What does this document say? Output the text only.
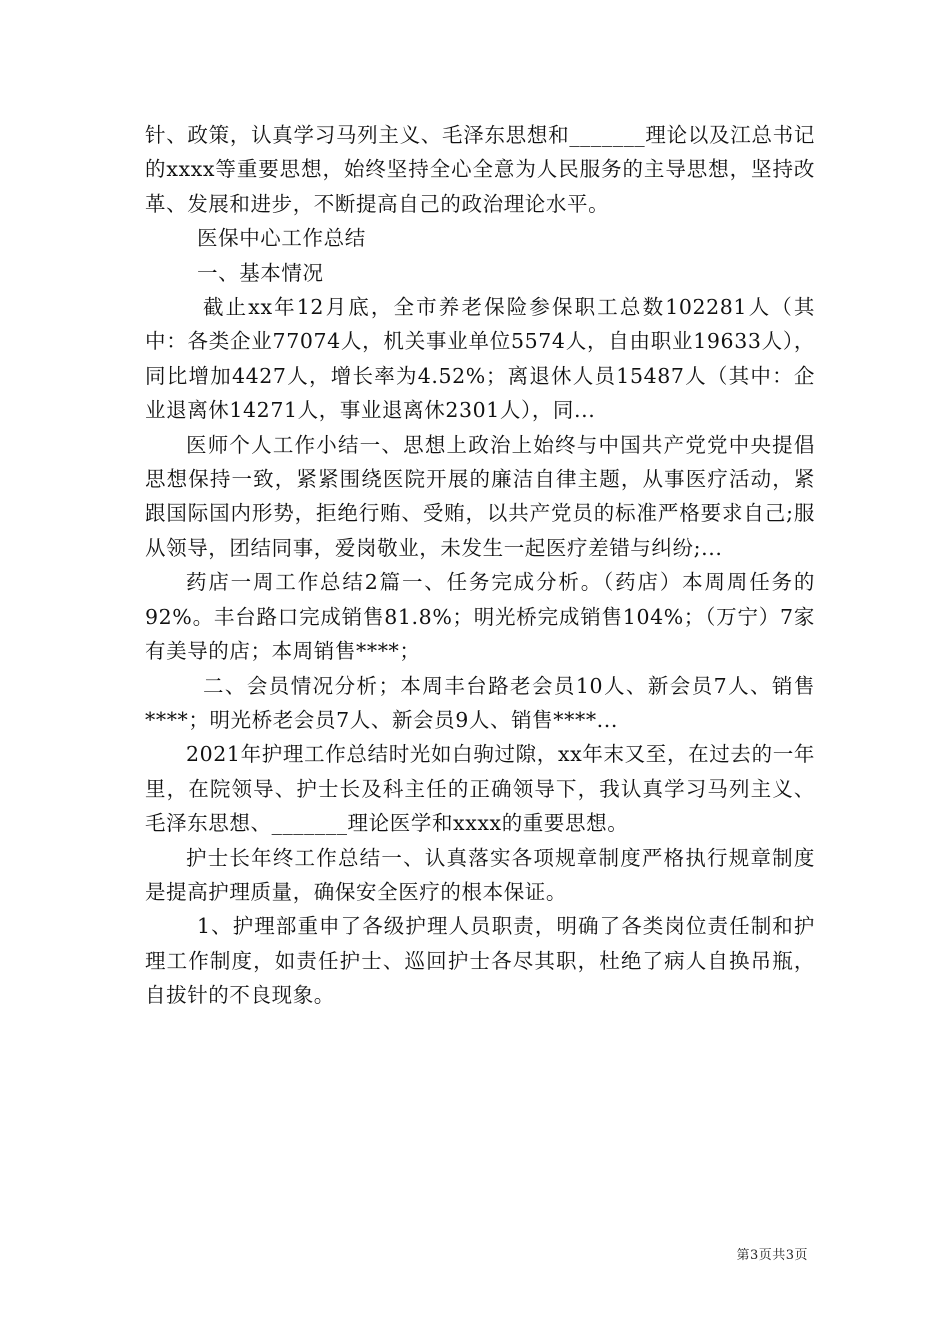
针、政策，认真学习马列主义、毛泽东思想和_______理论以及江总书记的xxxx等重要思想，始终坚持全心全意为人民服务的主导思想，坚持改革、发展和进步，不断提高自己的政治理论水平。

医保中心工作总结

一、基本情况

截止xx年12月底，全市养老保险参保职工总数102281人（其中：各类企业77074人，机关事业单位5574人，自由职业19633人），同比增加4427人，增长率为4.52%；离退休人员15487人（其中：企业退离休14271人，事业退离休2301人），同...

医师个人工作小结一、思想上政治上始终与中国共产党党中央提倡思想保持一致，紧紧围绕医院开展的廉洁自律主题，从事医疗活动，紧跟国际国内形势，拒绝行贿、受贿，以共产党员的标准严格要求自己;服从领导，团结同事，爱岗敬业，未发生一起医疗差错与纠纷;...

药店一周工作总结2篇一、任务完成分析。（药店）本周周任务的92%。丰台路口完成销售81.8%；明光桥完成销售104%；（万宁）7家有美导的店；本周销售****；

二、会员情况分析；本周丰台路老会员10人、新会员7人、销售****；明光桥老会员7人、新会员9人、销售****...

2021年护理工作总结时光如白驹过隙，xx年末又至，在过去的一年里，在院领导、护士长及科主任的正确领导下，我认真学习马列主义、毛泽东思想、_______理论医学和xxxx的重要思想。

护士长年终工作总结一、认真落实各项规章制度严格执行规章制度是提高护理质量，确保安全医疗的根本保证。

1、护理部重申了各级护理人员职责，明确了各类岗位责任制和护理工作制度，如责任护士、巡回护士各尽其职，杜绝了病人自换吊瓶，自拔针的不良现象。

第3页共3页
